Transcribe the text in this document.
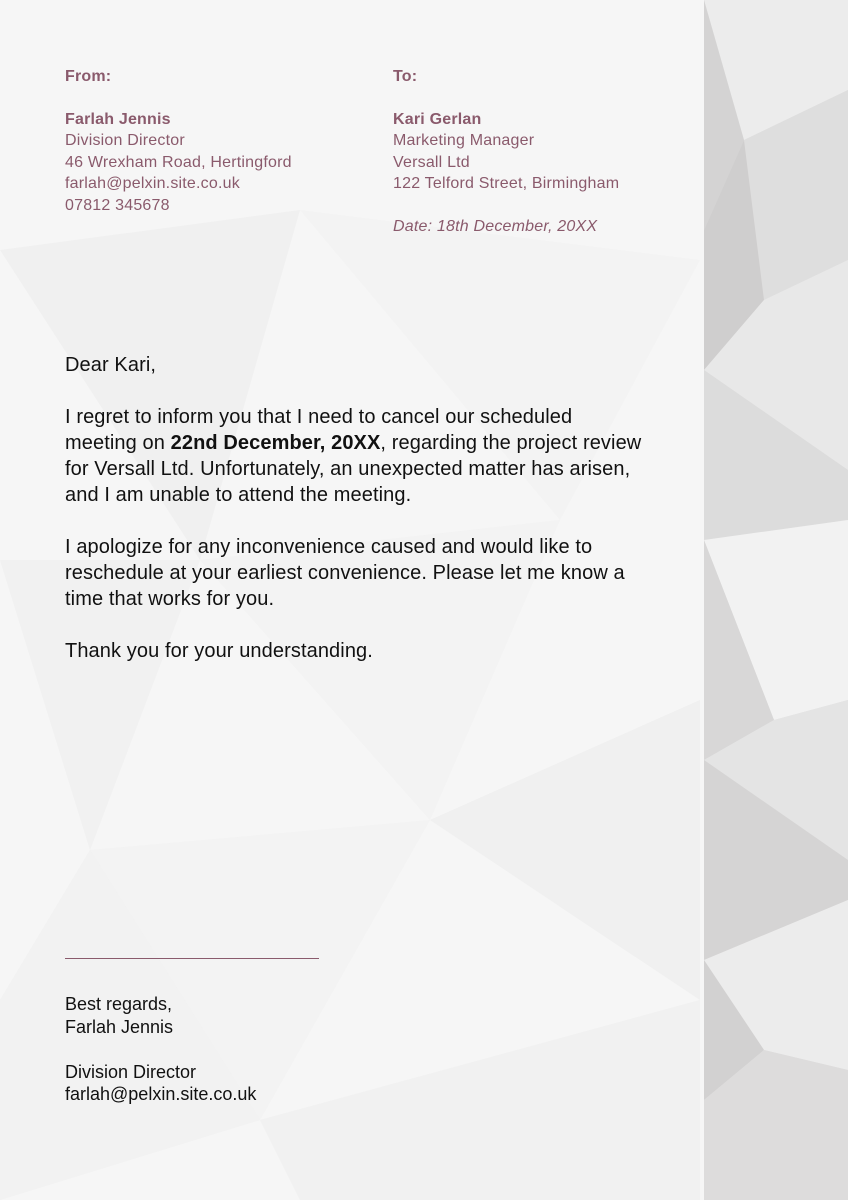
From:
Farlah Jennis
Division Director
46 Wrexham Road, Hertingford
farlah@pelxin.site.co.uk
07812 345678
To:
Kari Gerlan
Marketing Manager
Versall Ltd
122 Telford Street, Birmingham
Date: 18th December, 20XX

Dear Kari,

I regret to inform you that I need to cancel our scheduled meeting on 22nd December, 20XX, regarding the project review for Versall Ltd. Unfortunately, an unexpected matter has arisen, and I am unable to attend the meeting.

I apologize for any inconvenience caused and would like to reschedule at your earliest convenience. Please let me know a time that works for you.

Thank you for your understanding.

Best regards,
Farlah Jennis
Division Director
farlah@pelxin.site.co.uk
